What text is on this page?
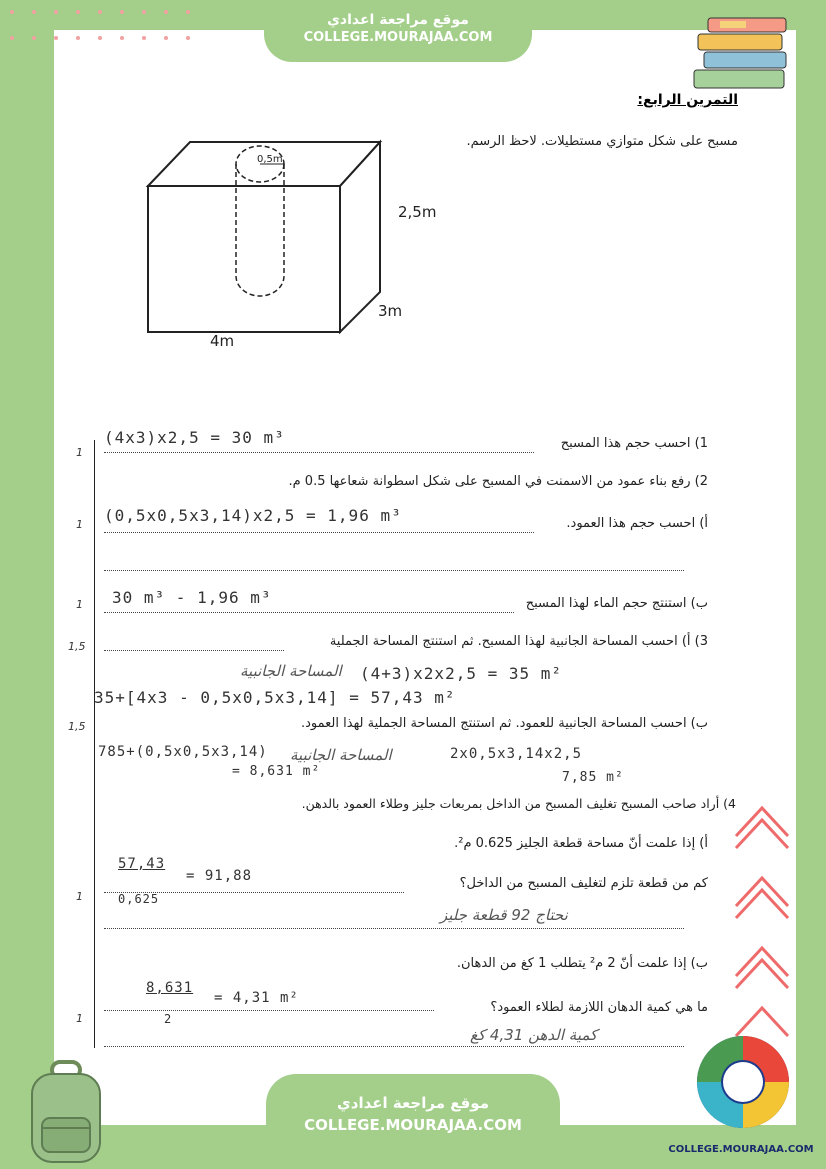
موقع مراجعة اعدادي
COLLEGE.MOURAJAA.COM
التمرين الرابع:
مسبح على شكل متوازي مستطيلات. لاحظ الرسم.
0,5m
2,5m
3m
4m
1
1
1
1,5
1,5
1
1
1) احسب حجم هذا المسبح
(4x3)x2,5 = 30 m³
2) رفع بناء عمود من الاسمنت في المسبح على شكل اسطوانة شعاعها 0.5 م.
أ) احسب حجم هذا العمود.
(0,5x0,5x3,14)x2,5 = 1,96 m³
ب) استنتج حجم الماء لهذا المسبح
30 m³ - 1,96 m³
3) أ) احسب المساحة الجانبية لهذا المسبح. ثم استنتج المساحة الجملية
المساحة الجانبية (4+3)x2x2,5 = 35 m²
35+[4x3 - 0,5x0,5x3,14] = 57,43 m²
ب) احسب المساحة الجانبية للعمود. ثم استنتج المساحة الجملية لهذا العمود.
785+(0,5x0,5x3,14) المساحة الجانبية	2x0,5x3,14x2,5
= 8,631 m²	7,85 m²
4) أراد صاحب المسبح تغليف المسبح من الداخل بمربعات جليز وطلاء العمود بالدهن.
أ) إذا علمت أنّ مساحة قطعة الجليز 0.625 م².
57,43
0,625
= 91,88	كم من قطعة تلزم لتغليف المسبح من الداخل؟
نحتاج 92 قطعة جليز
ب) إذا علمت أنّ 2 م² يتطلب 1 كغ من الدهان.
8,631
2
= 4,31 m²
ما هي كمية الدهان اللازمة لطلاء العمود؟
كمية الدهن 4,31 كغ
موقع مراجعة اعدادي
COLLEGE.MOURAJAA.COM
COLLEGE.MOURAJAA.COM
